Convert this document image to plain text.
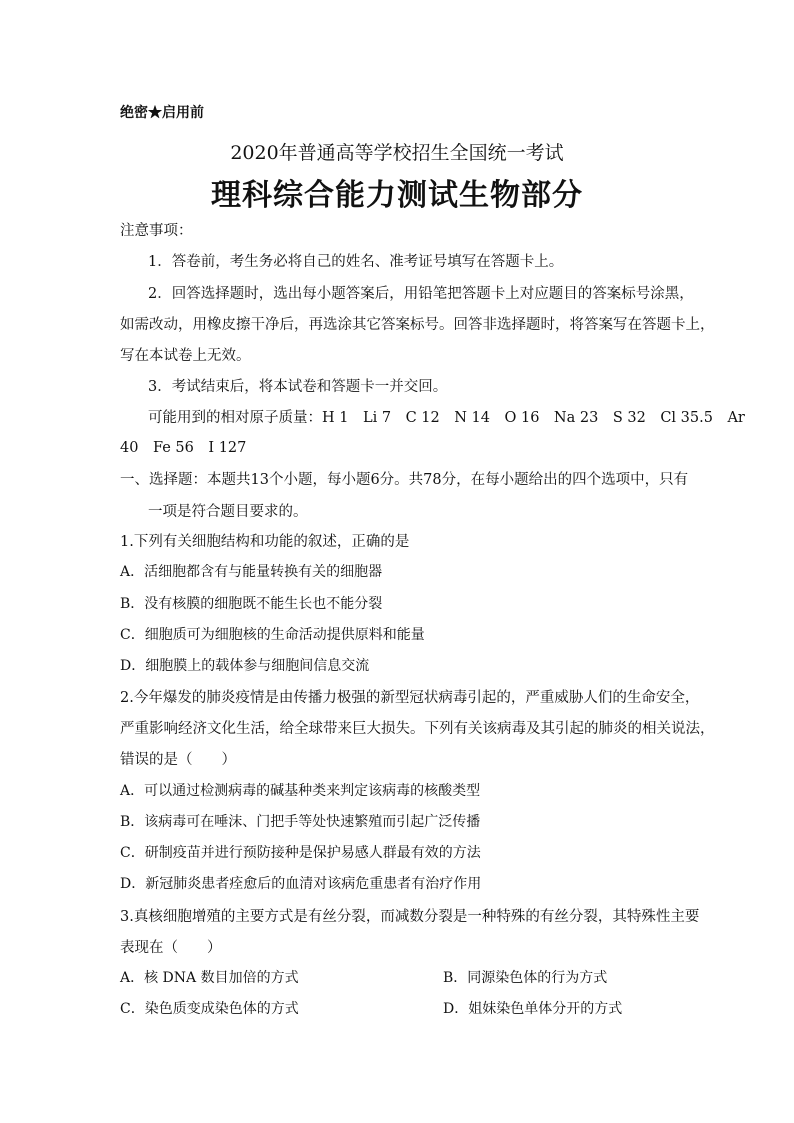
绝密★启用前
2020年普通高等学校招生全国统一考试
理科综合能力测试生物部分
注意事项：
1．答卷前，考生务必将自己的姓名、准考证号填写在答题卡上。
2．回答选择题时，选出每小题答案后，用铅笔把答题卡上对应题目的答案标号涂黑，
如需改动，用橡皮擦干净后，再选涂其它答案标号。回答非选择题时，将答案写在答题卡上，
写在本试卷上无效。
3．考试结束后，将本试卷和答题卡一并交回。
可能用到的相对原子质量：H 1　Li 7　C 12　N 14　O 16　Na 23　S 32　Cl 35.5　Ar
40　Fe 56　I 127
一、选择题：本题共13个小题，每小题6分。共78分，在每小题给出的四个选项中，只有
一项是符合题目要求的。
1.下列有关细胞结构和功能的叙述，正确的是
A．活细胞都含有与能量转换有关的细胞器
B．没有核膜的细胞既不能生长也不能分裂
C．细胞质可为细胞核的生命活动提供原料和能量
D．细胞膜上的载体参与细胞间信息交流
2.今年爆发的肺炎疫情是由传播力极强的新型冠状病毒引起的，严重威胁人们的生命安全，
严重影响经济文化生活，给全球带来巨大损失。下列有关该病毒及其引起的肺炎的相关说法，
错误的是（　　）
A．可以通过检测病毒的碱基种类来判定该病毒的核酸类型
B．该病毒可在唾沫、门把手等处快速繁殖而引起广泛传播
C．研制疫苗并进行预防接种是保护易感人群最有效的方法
D．新冠肺炎患者痊愈后的血清对该病危重患者有治疗作用
3.真核细胞增殖的主要方式是有丝分裂，而减数分裂是一种特殊的有丝分裂，其特殊性主要
表现在（　　）
A．核 DNA 数目加倍的方式	B．同源染色体的行为方式
C．染色质变成染色体的方式	D．姐妹染色单体分开的方式
